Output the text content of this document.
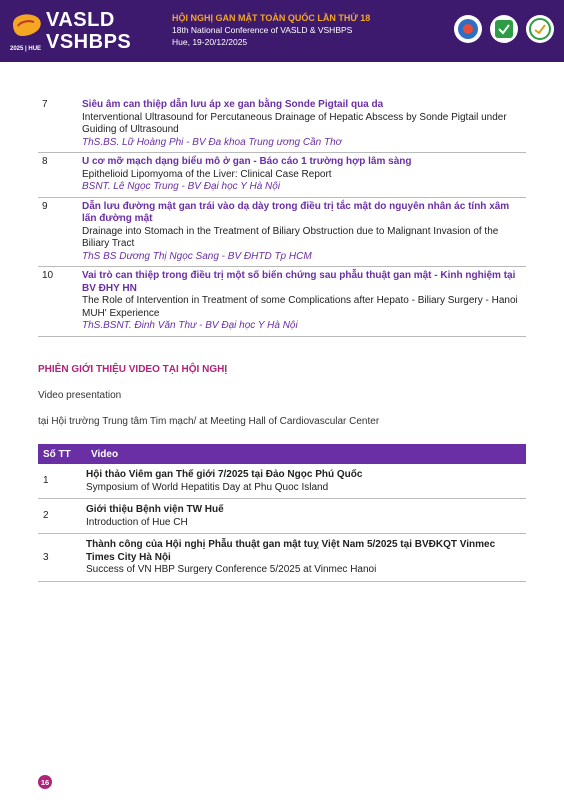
VASLD
VSHBPS
2025 | HUE
HỘI NGHỊ GAN MẬT TOÀN QUỐC LẦN THỨ 18
18th National Conference of VASLD & VSHBPS
Hue, 19-20/12/2025
7	Siêu âm can thiệp dẫn lưu áp xe gan bằng Sonde Pigtail qua da
Interventional Ultrasound for Percutaneous Drainage of Hepatic Abscess by Sonde Pigtail under Guiding of Ultrasound
ThS.BS. Lữ Hoàng Phi - BV Đa khoa Trung ương Cần Thơ

8	U cơ mỡ mạch dạng biểu mô ở gan - Báo cáo 1 trường hợp lâm sàng
Epithelioid Lipomyoma of the Liver: Clinical Case Report
BSNT. Lê Ngọc Trung - BV Đại học Y Hà Nội

9	Dẫn lưu đường mật gan trái vào dạ dày trong điều trị tắc mật do nguyên nhân ác tính xâm lấn đường mật
Drainage into Stomach in the Treatment of Biliary Obstruction due to Malignant Invasion of the Biliary Tract
ThS BS Dương Thị Ngọc Sang - BV ĐHTD Tp HCM

10	Vai trò can thiệp trong điều trị một số biến chứng sau phẫu thuật gan mật - Kinh nghiệm tại BV ĐHY HN
The Role of Intervention in Treatment of some Complications after Hepato - Biliary Surgery - Hanoi MUH' Experience
ThS.BSNT. Đinh Văn Thư - BV Đại học Y Hà Nội
PHIÊN GIỚI THIỆU VIDEO TẠI HỘI NGHỊ
Video presentation
tại Hội trường Trung tâm Tim mạch/ at Meeting Hall of Cardiovascular Center
Số TT	Video
1	Hội thảo Viêm gan Thế giới 7/2025 tại Đảo Ngọc Phú Quốc
Symposium of World Hepatitis Day at Phu Quoc Island

2	Giới thiệu Bệnh viện TW Huế
Introduction of Hue CH

3	Thành công của Hội nghị Phẫu thuật gan mật tuỵ Việt Nam 5/2025 tại BVĐKQT Vinmec Times City Hà Nội
Success of VN HBP Surgery Conference 5/2025 at Vinmec Hanoi
16
